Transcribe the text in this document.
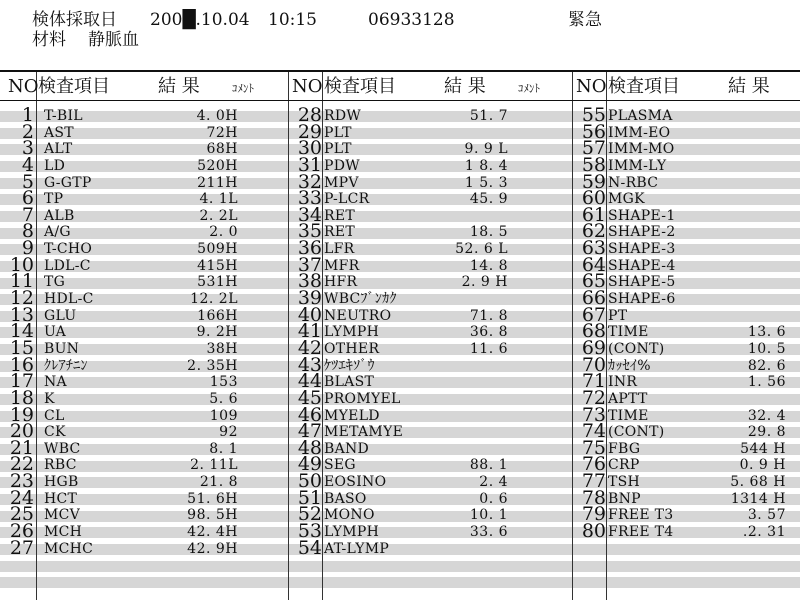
検体採取日 200█.10.04 10:15	06933128	緊急
材料 静脈血
NO 検査項目	結 果	ｺﾒﾝﾄ NO 検査項目	結 果	ｺﾒﾝﾄ NO 検査項目	結 果
1 T-BIL	4. 0H
2 AST	72H
3 ALT	68H
4 LD	520H
5 G-GTP	211H
6 TP	4. 1L
7 ALB	2. 2L
8 A/G	2. 0
9 T-CHO	509H
10 LDL-C	415H
11 TG	531H
12 HDL-C	12. 2L
13 GLU	166H
14 UA	9. 2H
15 BUN	38H
16 ｸﾚｱﾁﾆﾝ	2. 35H
17 NA	153
18 K	5. 6
19 CL	109
20 CK	92
21 WBC	8. 1
22 RBC	2. 11L
23 HGB	21. 8
24 HCT	51. 6H
25 MCV	98. 5H
26 MCH	42. 4H
27 MCHC	42. 9H
28 RDW	51. 7
29 PLT
30 PLT	9. 9 L
31 PDW	1 8. 4
32 MPV	1 5. 3
33 P-LCR	45. 9
34 RET
35 RET	18. 5
36 LFR	52. 6 L
37 MFR	14. 8
38 HFR	2. 9 H
39 WBCﾌﾞﾝｶｸ
40 NEUTRO	71. 8
41 LYMPH	36. 8
42 OTHER	11. 6
43 ｹﾂｴｷｿﾞｳ
44 BLAST
45 PROMYEL
46 MYELD
47 METAMYE
48 BAND
49 SEG	88. 1
50 EOSINO	2. 4
51 BASO	0. 6
52 MONO	10. 1
53 LYMPH	33. 6
54 AT-LYMP
55 PLASMA
56 IMM-EO
57 IMM-MO
58 IMM-LY
59 N-RBC
60 MGK
61 SHAPE-1
62 SHAPE-2
63 SHAPE-3
64 SHAPE-4
65 SHAPE-5
66 SHAPE-6
67 PT
68 TIME	13. 6
69 (CONT)	10. 5
70 ｶｯｾｲ%	82. 6
71 INR	1. 56
72 APTT
73 TIME	32. 4
74 (CONT)	29. 8
75 FBG	544 H
76 CRP	0. 9 H
77 TSH	5. 68 H
78 BNP	1314 H
79 FREE T3	3. 57
80 FREE T4	.2. 31
